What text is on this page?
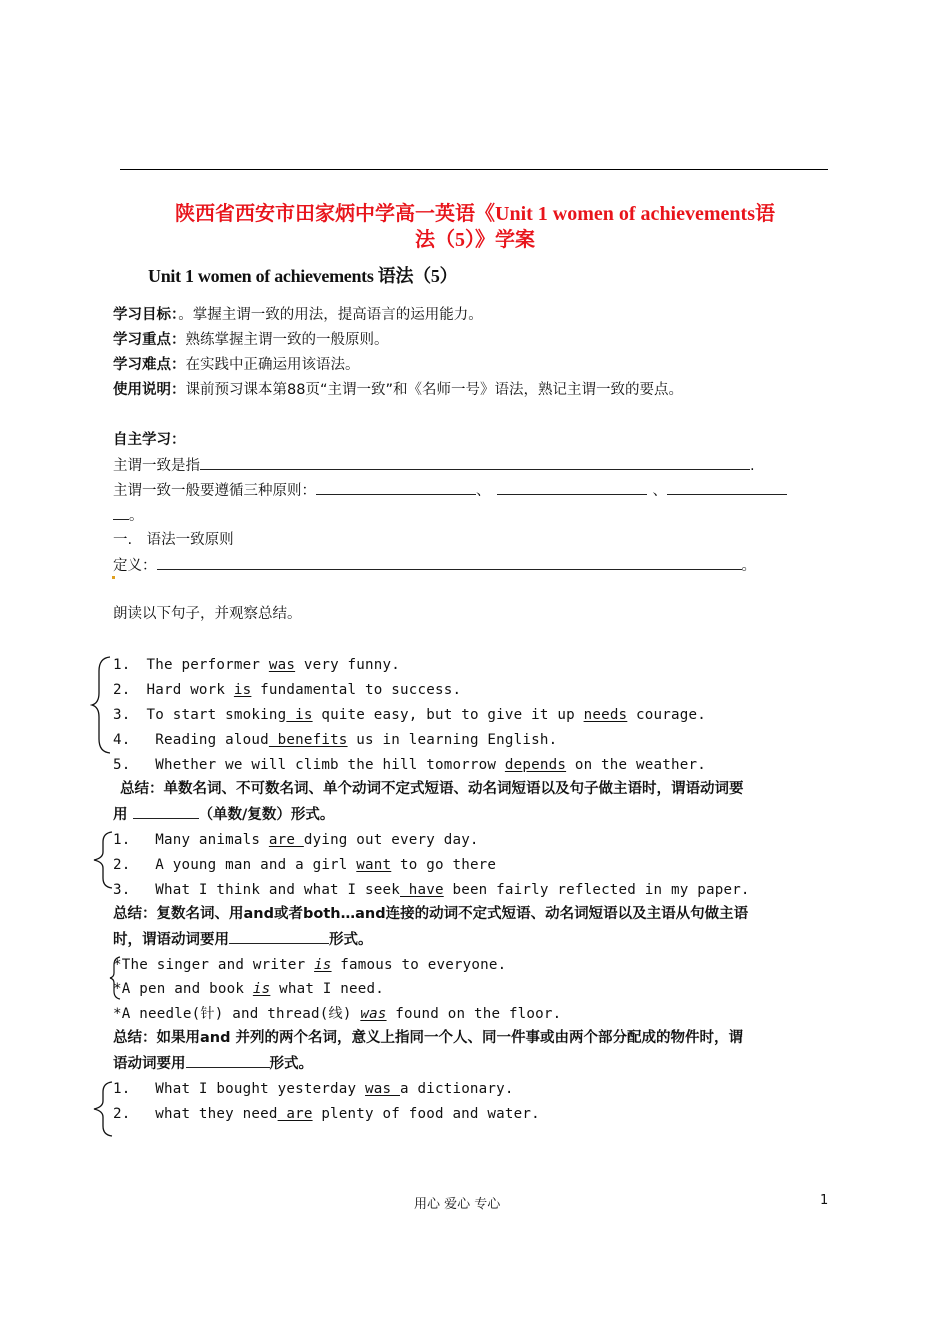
陕西省西安市田家炳中学高一英语《Unit 1 women of achievements语
法（5）》学案
Unit 1 women of achievements 语法（5）
学习目标：。掌握主谓一致的用法，提高语言的运用能力。
学习重点：熟练掌握主谓一致的一般原则。
学习难点：在实践中正确运用该语法。
使用说明：课前预习课本第88页“主谓一致”和《名师一号》语法，熟记主谓一致的要点。
自主学习：
主谓一致是指	.
主谓一致一般要遵循三种原则：	、	、
。
一.　语法一致原则
定义：	。
朗读以下句子，并观察总结。
1. The performer was very funny.
2. Hard work is fundamental to success.
3. To start smoking is quite easy, but to give it up needs courage.
4. Reading aloud benefits us in learning English.
5. Whether we will climb the hill tomorrow depends on the weather.
总结：单数名词、不可数名词、单个动词不定式短语、动名词短语以及句子做主语时，谓语动词要
用	（单数/复数）形式。
1. Many animals are dying out every day.
2. A young man and a girl want to go there
3. What I think and what I seek have been fairly reflected in my paper.
总结：复数名词、用and或者both…and连接的动词不定式短语、动名词短语以及主语从句做主语
时，谓语动词要用	形式。
*The singer and writer is famous to everyone.
*A pen and book is what I need.
*A needle(针) and thread(线) was found on the floor.
总结：如果用and 并列的两个名词，意义上指同一个人、同一件事或由两个部分配成的物件时，谓
语动词要用	形式。
1. What I bought yesterday was a dictionary.
2. what they need are plenty of food and water.
用心 爱心 专心	1
